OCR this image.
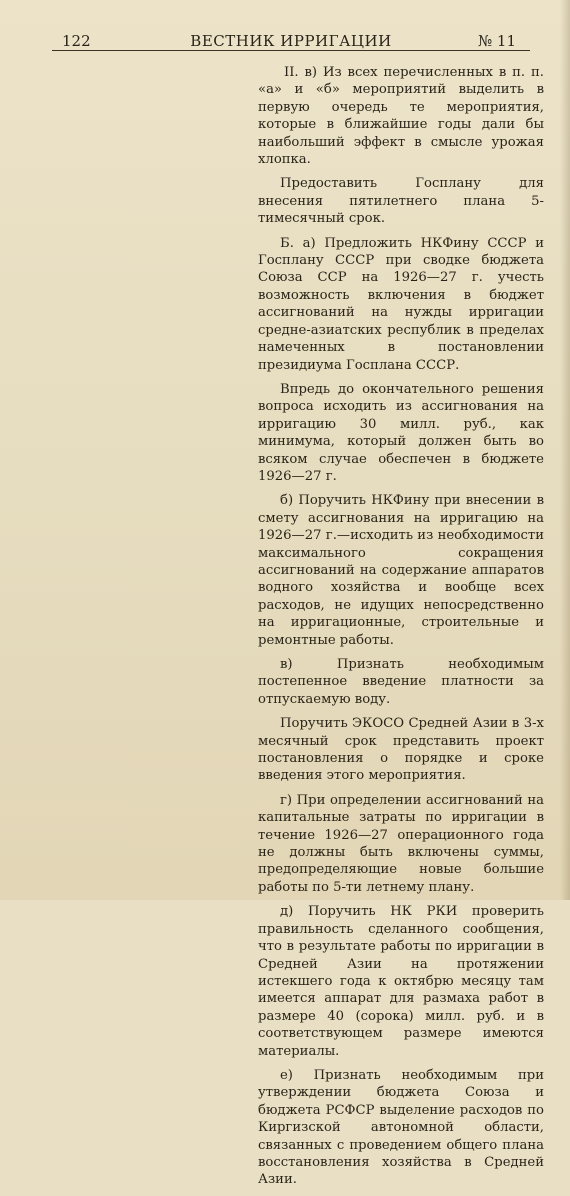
122	ВЕСТНИК ИРРИГАЦИИ	№ 11

II. в) Из всех перечисленных в п. п. «а» и «б» мероприятий выделить в первую очередь те мероприятия, которые в ближайшие годы дали бы наибольший эффект в смысле урожая хлопка.

Предоставить Госплану для внесения пятилетнего плана 5-тимесячный срок.

Б. а) Предложить НКФину СССР и Госплану СССР при сводке бюджета Союза ССР на 1926—27 г. учесть возможность включения в бюджет ассигнований на нужды ирригации средне-азиатских республик в пределах намеченных в постановлении президиума Госплана СССР.

Впредь до окончательного решения вопроса исходить из ассигнования на ирригацию 30 милл. руб., как минимума, который должен быть во всяком случае обеспечен в бюджете 1926—27 г.

б) Поручить НКФину при внесении в смету ассигнования на ирригацию на 1926—27 г.—исходить из необходимости максимального сокращения ассигнований на содержание аппаратов водного хозяйства и вообще всех расходов, не идущих непосредственно на ирригационные, строительные и ремонтные работы.

в) Признать необходимым постепенное введение платности за отпускаемую воду.

Поручить ЭКОСО Средней Азии в 3-х месячный срок представить проект постановления о порядке и сроке введения этого мероприятия.

г) При определении ассигнований на капитальные затраты по ирригации в течение 1926—27 операционного года не должны быть включены суммы, предопределяющие новые большие работы по 5-ти летнему плану.

д) Поручить НК РКИ проверить правильность сделанного сообщения, что в результате работы по ирригации в Средней Азии на протяжении истекшего года к октябрю месяцу там имеется аппарат для размаха работ в размере 40 (сорока) милл. руб. и в соответствующем размере имеются материалы.

е) Признать необходимым при утверждении бюджета Союза и бюджета РСФСР выделение расходов по Киргизской автономной области, связанных с проведением общего плана восстановления хозяйства в Средней Азии.
